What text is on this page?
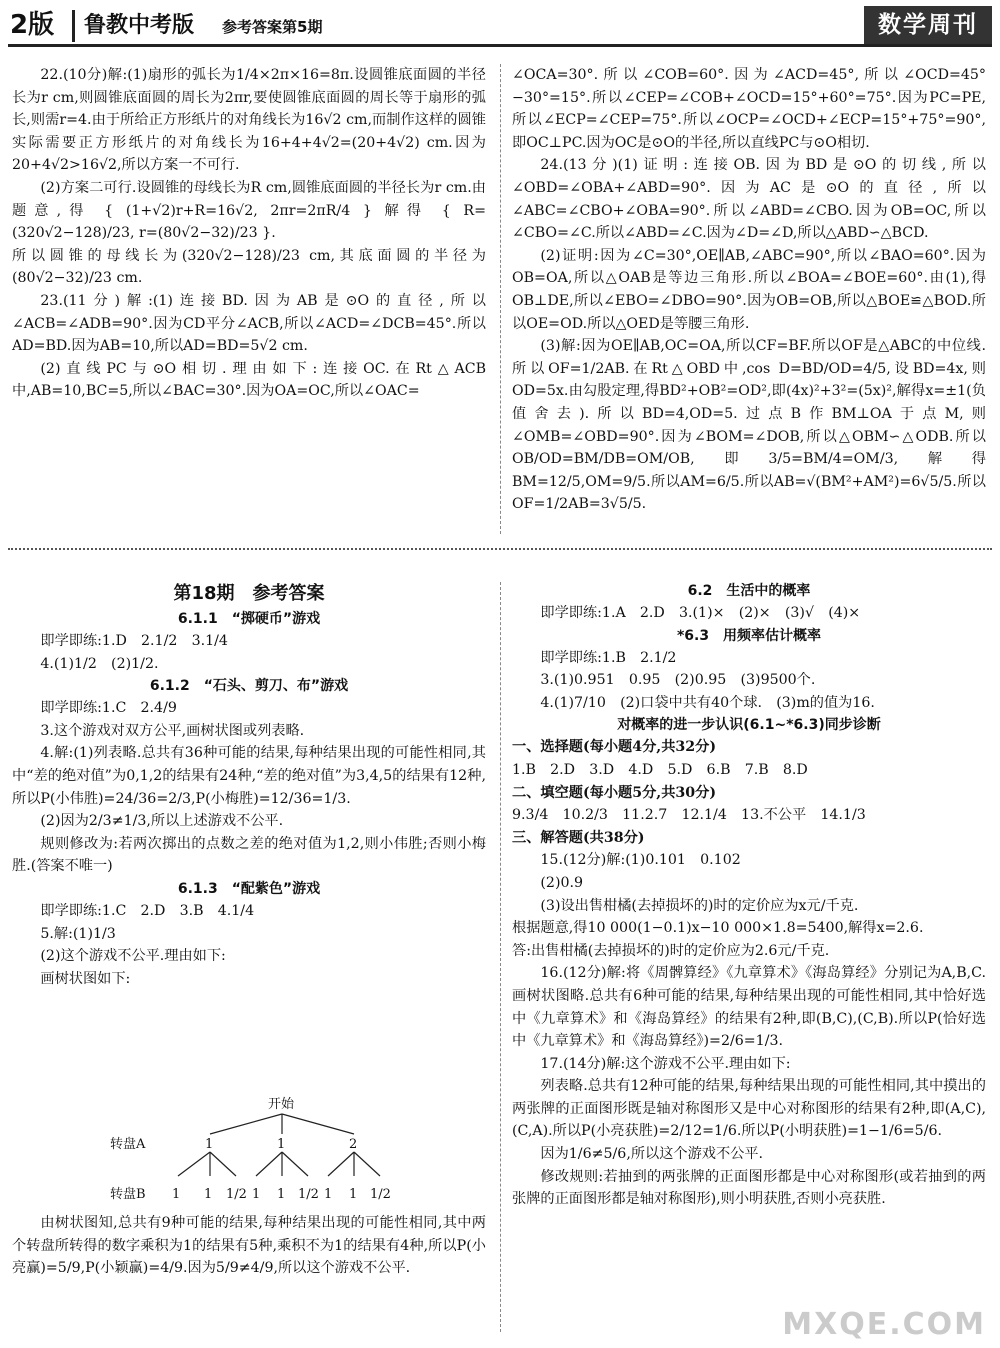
2版 鲁教中考版 参考答案第5期	数学周刊

22.(10分)解:(1)扇形的弧长为1/4×2π×16=8π.设圆锥底面圆的半径长为r cm,则圆锥底面圆的周长为2πr,要使圆锥底面圆的周长等于扇形的弧长,则需r=4.由于所给正方形纸片的对角线长为16√2 cm,而制作这样的圆锥实际需要正方形纸片的对角线长为16+4+4√2=(20+4√2) cm.因为20+4√2>16√2,所以方案一不可行.

(2)方案二可行.设圆锥的母线长为R cm,圆锥底面圆的半径长为r cm.由题意,得 { (1+√2)r+R=16√2, 2πr=2πR/4 } 解得 { R=(320√2−128)/23, r=(80√2−32)/23 }.

所以圆锥的母线长为(320√2−128)/23 cm,其底面圆的半径为(80√2−32)/23 cm.

23.(11分)解:(1)连接BD.因为AB是⊙O的直径,所以∠ACB=∠ADB=90°.因为CD平分∠ACB,所以∠ACD=∠DCB=45°.所以AD=BD.因为AB=10,所以AD=BD=5√2 cm.

(2)直线PC与⊙O相切.理由如下:连接OC.在Rt△ACB中,AB=10,BC=5,所以∠BAC=30°.因为OA=OC,所以∠OAC=

∠OCA=30°.所以∠COB=60°.因为∠ACD=45°,所以∠OCD=45°−30°=15°.所以∠CEP=∠COB+∠OCD=15°+60°=75°.因为PC=PE,所以∠ECP=∠CEP=75°.所以∠OCP=∠OCD+∠ECP=15°+75°=90°,即OC⊥PC.因为OC是⊙O的半径,所以直线PC与⊙O相切.

24.(13分)(1)证明:连接OB.因为BD是⊙O的切线,所以∠OBD=∠OBA+∠ABD=90°.因为AC是⊙O的直径,所以∠ABC=∠CBO+∠OBA=90°.所以∠ABD=∠CBO.因为OB=OC,所以∠CBO=∠C.所以∠ABD=∠C.因为∠D=∠D,所以△ABD∽△BCD.

(2)证明:因为∠C=30°,OE∥AB,∠ABC=90°,所以∠BAO=60°.因为OB=OA,所以△OAB是等边三角形.所以∠BOA=∠BOE=60°.由(1),得OB⊥DE,所以∠EBO=∠DBO=90°.因为OB=OB,所以△BOE≌△BOD.所以OE=OD.所以△OED是等腰三角形.

(3)解:因为OE∥AB,OC=OA,所以CF=BF.所以OF是△ABC的中位线.所以OF=1/2AB.在Rt△OBD中,cos D=BD/OD=4/5,设BD=4x,则OD=5x.由勾股定理,得BD²+OB²=OD²,即(4x)²+3²=(5x)²,解得x=±1(负值舍去).所以BD=4,OD=5.过点B作BM⊥OA于点M,则∠OMB=∠OBD=90°.因为∠BOM=∠DOB,所以△OBM∽△ODB.所以OB/OD=BM/DB=OM/OB,即3/5=BM/4=OM/3,解得BM=12/5,OM=9/5.所以AM=6/5.所以AB=√(BM²+AM²)=6√5/5.所以OF=1/2AB=3√5/5.

第18期　参考答案
6.1.1　“掷硬币”游戏

即学即练:1.D　2.1/2　3.1/4

4.(1)1/2　(2)1/2.

6.1.2　“石头、剪刀、布”游戏

即学即练:1.C　2.4/9

3.这个游戏对双方公平,画树状图或列表略.

4.解:(1)列表略.总共有36种可能的结果,每种结果出现的可能性相同,其中“差的绝对值”为0,1,2的结果有24种,“差的绝对值”为3,4,5的结果有12种,所以P(小伟胜)=24/36=2/3,P(小梅胜)=12/36=1/3.

(2)因为2/3≠1/3,所以上述游戏不公平.

规则修改为:若两次掷出的点数之差的绝对值为1,2,则小伟胜;否则小梅胜.(答案不唯一)

6.1.3　“配紫色”游戏

即学即练:1.C　2.D　3.B　4.1/4

5.解:(1)1/3

(2)这个游戏不公平.理由如下:

画树状图如下:

开始
转盘A
转盘B
1	1	2
1 1 1/2 1 1 1/2 1 1 1/2

由树状图知,总共有9种可能的结果,每种结果出现的可能性相同,其中两个转盘所转得的数字乘积为1的结果有5种,乘积不为1的结果有4种,所以P(小亮赢)=5/9,P(小颖赢)=4/9.因为5/9≠4/9,所以这个游戏不公平.

6.2　生活中的概率

即学即练:1.A　2.D　3.(1)×　(2)×　(3)√　(4)×

*6.3　用频率估计概率

即学即练:1.B　2.1/2

3.(1)0.951　0.95　(2)0.95　(3)9500个.

4.(1)7/10　(2)口袋中共有40个球.　(3)m的值为16.

对概率的进一步认识(6.1~*6.3)同步诊断

一、选择题(每小题4分,共32分)

1.B　2.D　3.D　4.D　5.D　6.B　7.B　8.D

二、填空题(每小题5分,共30分)

9.3/4　10.2/3　11.2.7　12.1/4　13.不公平　14.1/3

三、解答题(共38分)

15.(12分)解:(1)0.101　0.102

(2)0.9

(3)设出售柑橘(去掉损坏的)时的定价应为x元/千克.

根据题意,得10 000(1−0.1)x−10 000×1.8=5400,解得x=2.6.

答:出售柑橘(去掉损坏的)时的定价应为2.6元/千克.

16.(12分)解:将《周髀算经》《九章算术》《海岛算经》分别记为A,B,C.画树状图略.总共有6种可能的结果,每种结果出现的可能性相同,其中恰好选中《九章算术》和《海岛算经》的结果有2种,即(B,C),(C,B).所以P(恰好选中《九章算术》和《海岛算经》)=2/6=1/3.

17.(14分)解:这个游戏不公平.理由如下:

列表略.总共有12种可能的结果,每种结果出现的可能性相同,其中摸出的两张牌的正面图形既是轴对称图形又是中心对称图形的结果有2种,即(A,C),(C,A).所以P(小亮获胜)=2/12=1/6.所以P(小明获胜)=1−1/6=5/6.

因为1/6≠5/6,所以这个游戏不公平.

修改规则:若抽到的两张牌的正面图形都是中心对称图形(或若抽到的两张牌的正面图形都是轴对称图形),则小明获胜,否则小亮获胜.

MXQE.COM
